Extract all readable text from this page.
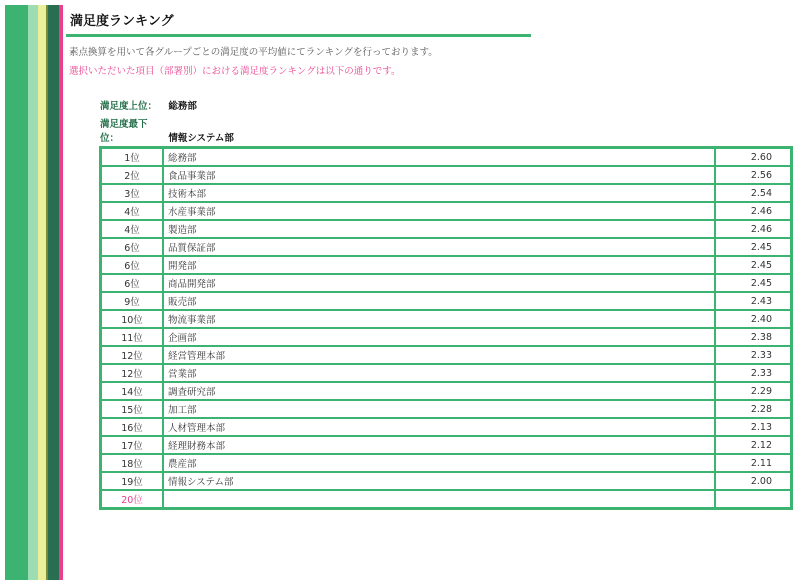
満足度ランキング
素点換算を用いて各グループごとの満足度の平均値にてランキングを行っております。
選択いただいた項目（部署別）における満足度ランキングは以下の通りです。
満足度上位： 総務部
満足度最下位：	情報システム部
1位	総務部	2.60
2位	食品事業部	2.56
3位	技術本部	2.54
4位	水産事業部	2.46
4位	製造部	2.46
6位	品質保証部	2.45
6位	開発部	2.45
6位	商品開発部	2.45
9位	販売部	2.43
10位	物流事業部	2.40
11位	企画部	2.38
12位	経営管理本部	2.33
12位	営業部	2.33
14位	調査研究部	2.29
15位	加工部	2.28
16位	人材管理本部	2.13
17位	経理財務本部	2.12
18位	農産部	2.11
19位	情報システム部	2.00
20位		
